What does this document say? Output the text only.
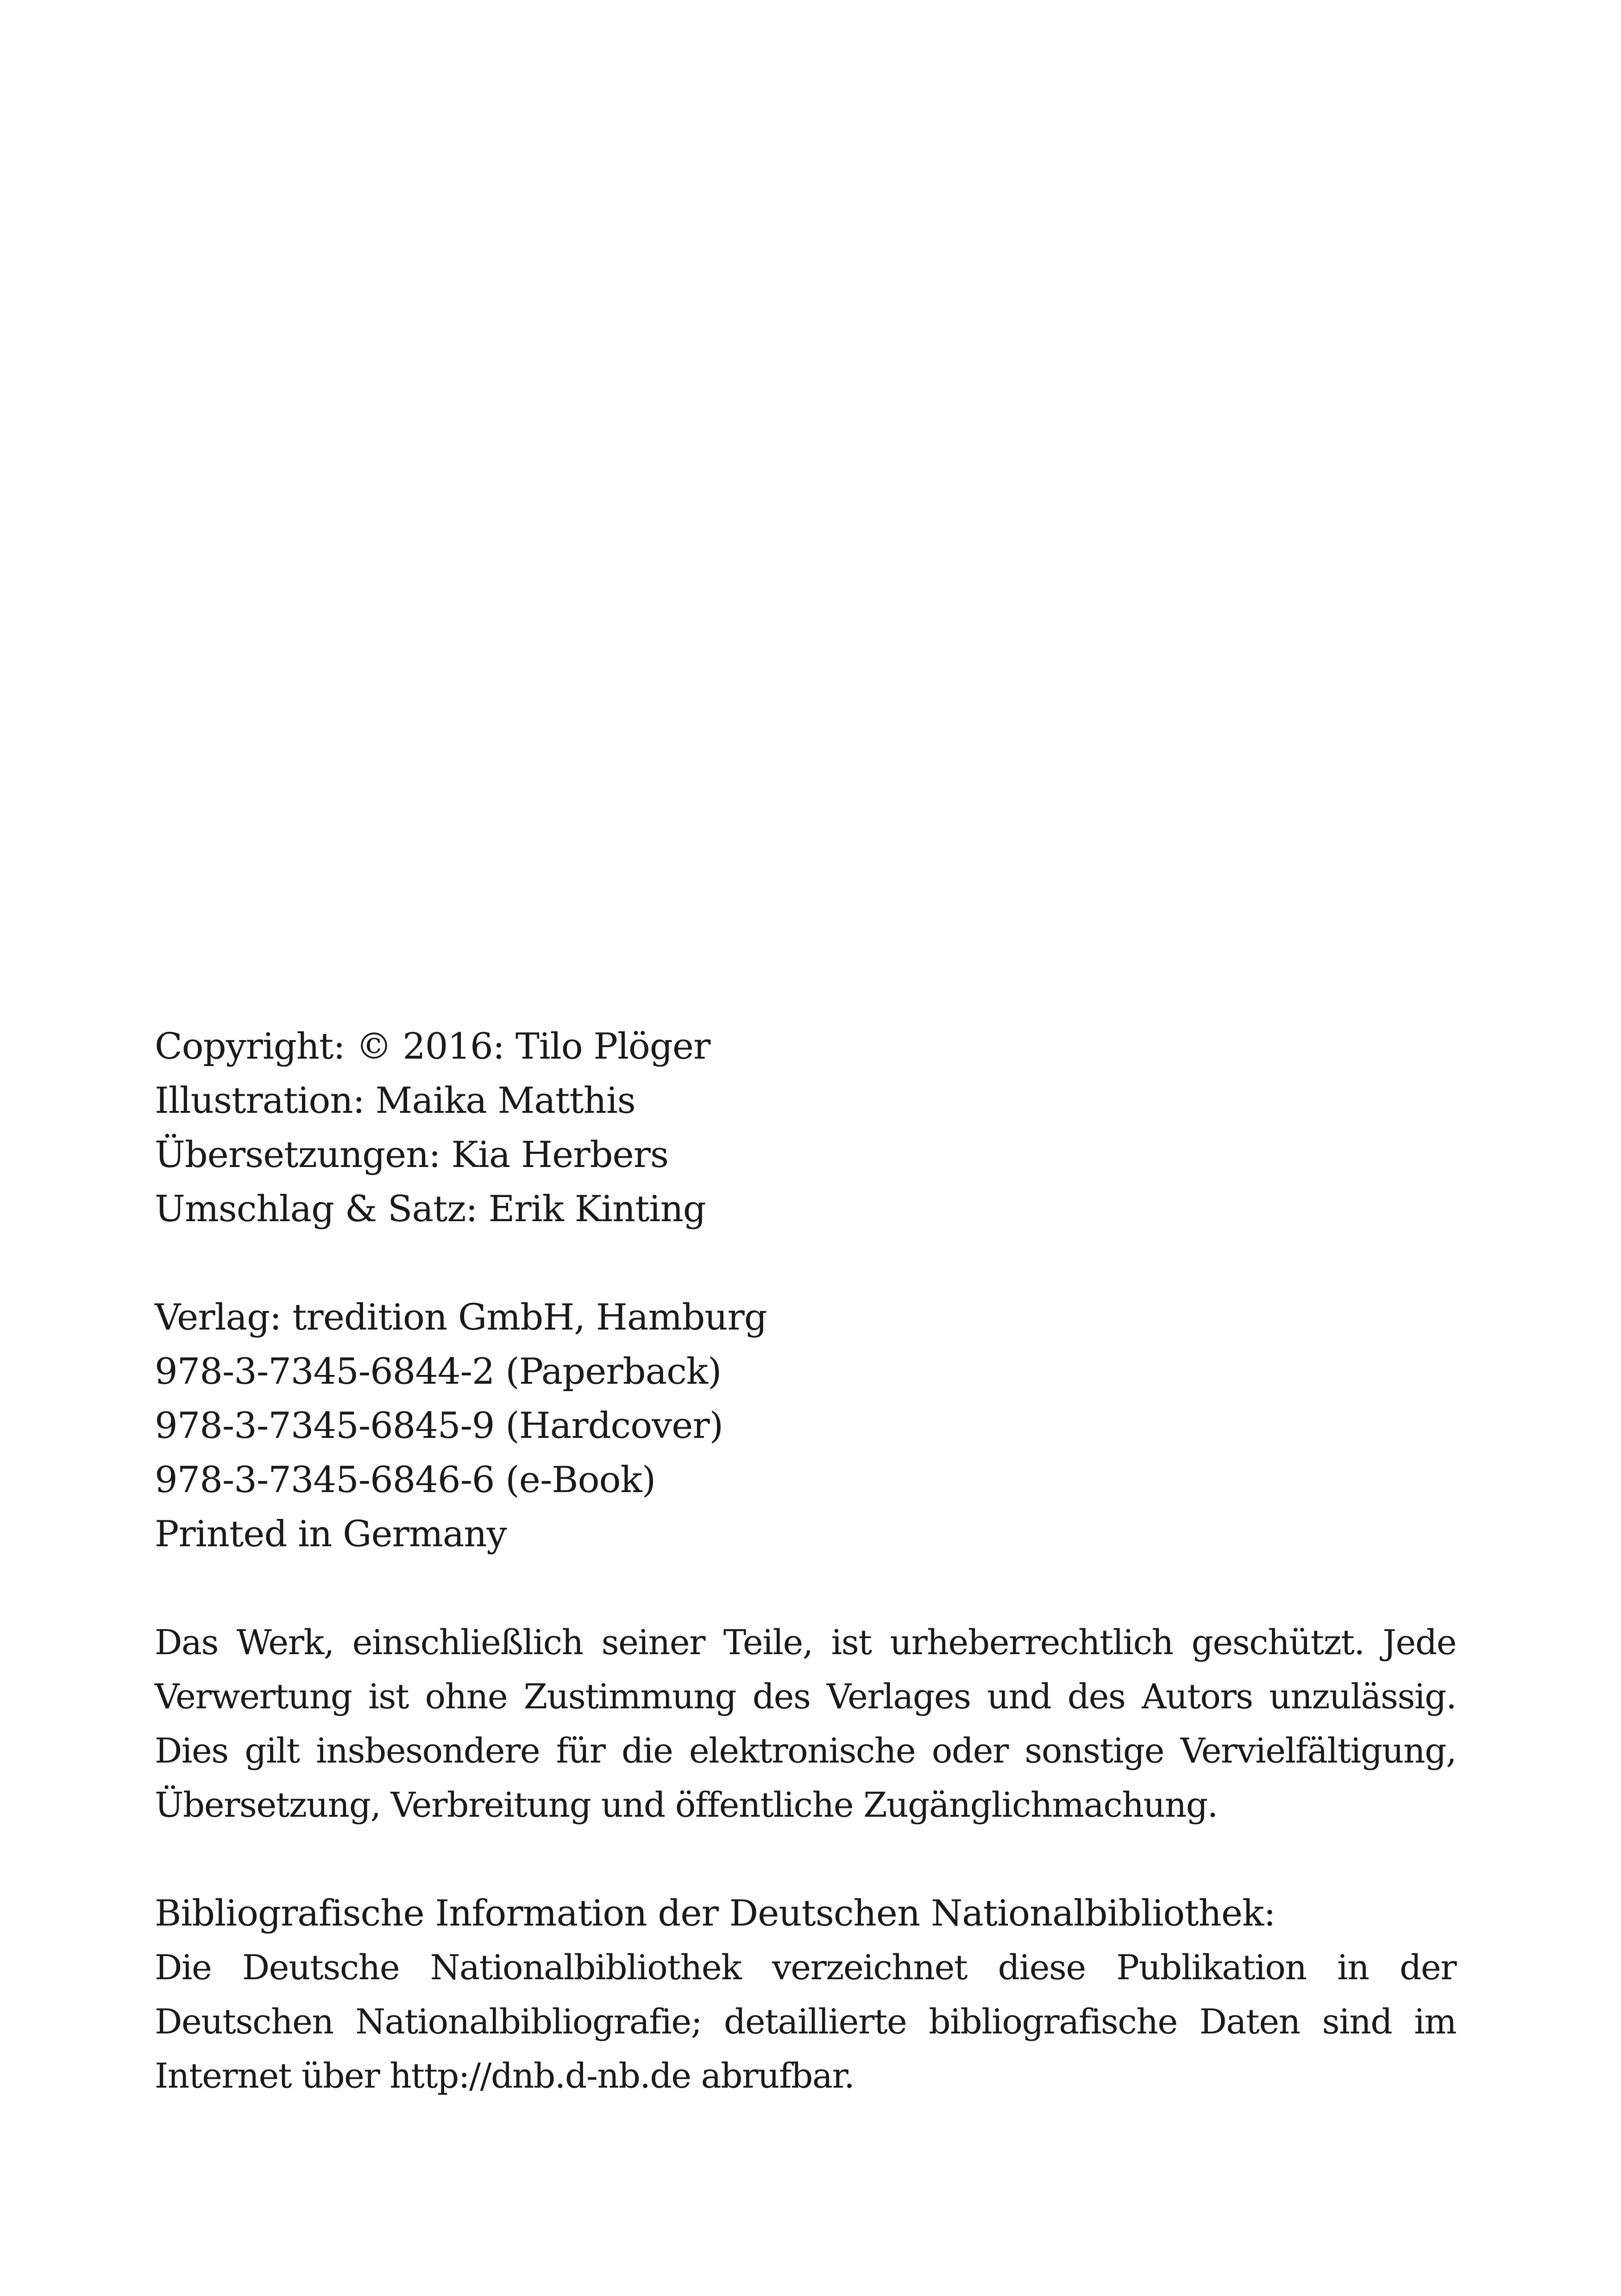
Copyright: © 2016: Tilo Plöger
Illustration: Maika Matthis
Übersetzungen: Kia Herbers
Umschlag & Satz: Erik Kinting
Verlag: tredition GmbH, Hamburg
978-3-7345-6844-2 (Paperback)
978-3-7345-6845-9 (Hardcover)
978-3-7345-6846-6 (e-Book)
Printed in Germany
Das Werk, einschließlich seiner Teile, ist urheberrechtlich geschützt. Jede Verwertung ist ohne Zustimmung des Verlages und des Autors unzulässig. Dies gilt insbesondere für die elektronische oder sonstige Vervielfältigung, Übersetzung, Verbreitung und öffentliche Zugänglichmachung.
Bibliografische Information der Deutschen Nationalbibliothek:
Die Deutsche Nationalbibliothek verzeichnet diese Publikation in der Deutschen Nationalbibliografie; detaillierte bibliografische Daten sind im Internet über http://dnb.d-nb.de abrufbar.
